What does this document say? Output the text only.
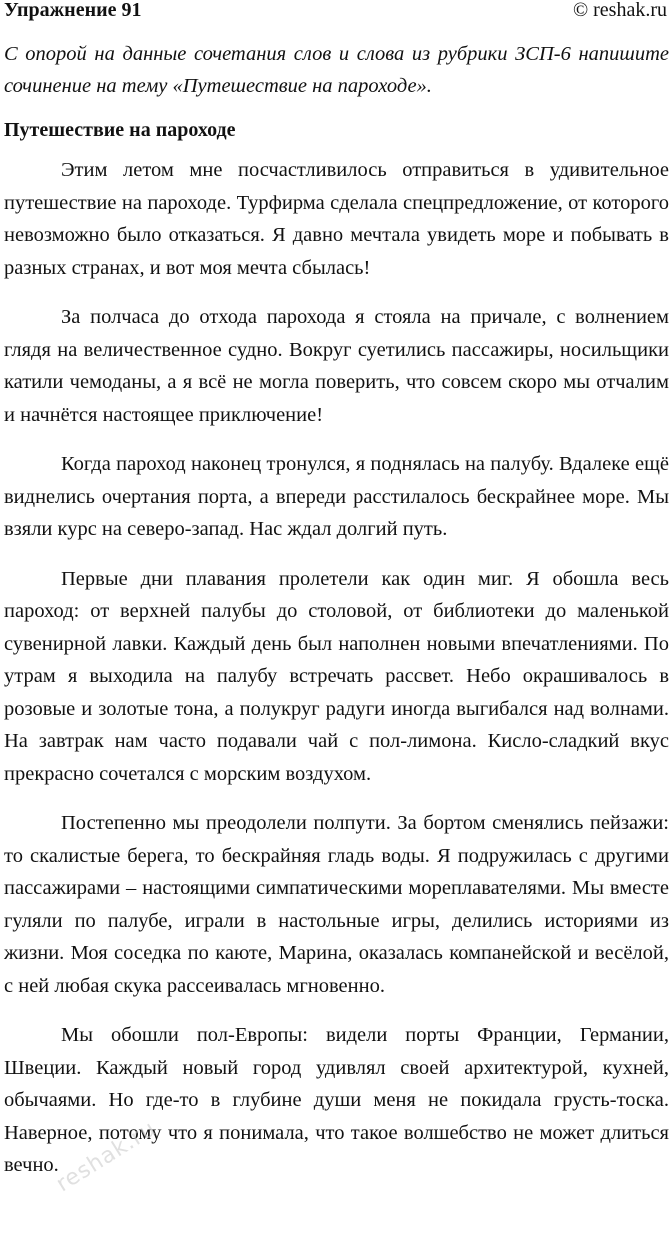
Упражнение 91	© reshak.ru

С опорой на данные сочетания слов и слова из рубрики ЗСП-6 напишите сочинение на тему «Путешествие на пароходе».

Путешествие на пароходе

Этим летом мне посчастливилось отправиться в удивительное путешествие на пароходе. Турфирма сделала спецпредложение, от которого невозможно было отказаться. Я давно мечтала увидеть море и побывать в разных странах, и вот моя мечта сбылась!

За полчаса до отхода парохода я стояла на причале, с волнением глядя на величественное судно. Вокруг суетились пассажиры, носильщики катили чемоданы, а я всё не могла поверить, что совсем скоро мы отчалим и начнётся настоящее приключение!

Когда пароход наконец тронулся, я поднялась на палубу. Вдалеке ещё виднелись очертания порта, а впереди расстилалось бескрайнее море. Мы взяли курс на северо-запад. Нас ждал долгий путь.

Первые дни плавания пролетели как один миг. Я обошла весь пароход: от верхней палубы до столовой, от библиотеки до маленькой сувенирной лавки. Каждый день был наполнен новыми впечатлениями. По утрам я выходила на палубу встречать рассвет. Небо окрашивалось в розовые и золотые тона, а полукруг радуги иногда выгибался над волнами. На завтрак нам часто подавали чай с пол-лимона. Кисло-сладкий вкус прекрасно сочетался с морским воздухом.

Постепенно мы преодолели полпути. За бортом сменялись пейзажи: то скалистые берега, то бескрайняя гладь воды. Я подружилась с другими пассажирами – настоящими симпатическими мореплавателями. Мы вместе гуляли по палубе, играли в настольные игры, делились историями из жизни. Моя соседка по каюте, Марина, оказалась компанейской и весёлой, с ней любая скука рассеивалась мгновенно.

Мы обошли пол-Европы: видели порты Франции, Германии, Швеции. Каждый новый город удивлял своей архитектурой, кухней, обычаями. Но где-то в глубине души меня не покидала грусть-тоска. Наверное, потому что я понимала, что такое волшебство не может длиться вечно.

reshak.ru
